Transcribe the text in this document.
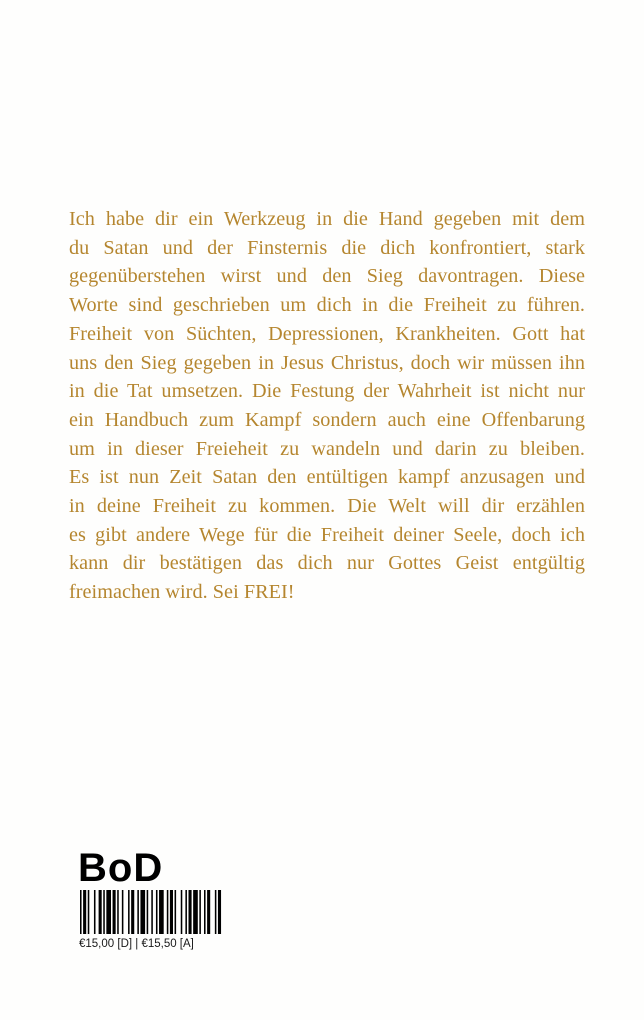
Ich habe dir ein Werkzeug in die Hand gegeben mit dem
du Satan und der Finsternis die dich konfrontiert, stark
gegenüberstehen wirst und den Sieg davontragen. Diese
Worte sind geschrieben um dich in die Freiheit zu führen.
Freiheit von Süchten, Depressionen, Krankheiten. Gott hat
uns den Sieg gegeben in Jesus Christus, doch wir müssen ihn
in die Tat umsetzen. Die Festung der Wahrheit ist nicht nur
ein Handbuch zum Kampf sondern auch eine Offenbarung
um in dieser Freieheit zu wandeln und darin zu bleiben.
Es ist nun Zeit Satan den entültigen kampf anzusagen und
in deine Freiheit zu kommen. Die Welt will dir erzählen
es gibt andere Wege für die Freiheit deiner Seele, doch ich
kann dir bestätigen das dich nur Gottes Geist entgültig
freimachen wird. Sei FREI!

BoD
€15,00 [D] | €15,50 [A]
